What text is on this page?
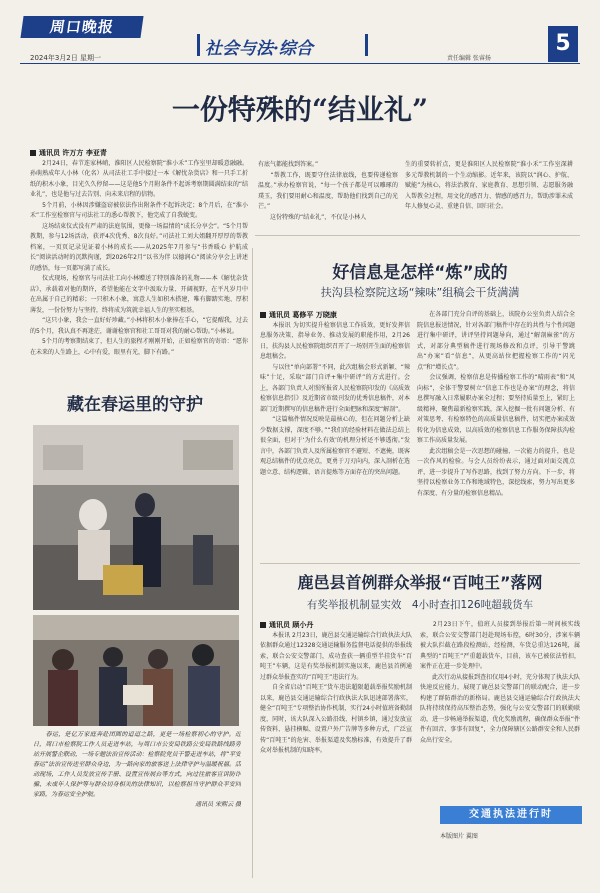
周口晚报
2024年3月2日 星期一	社会与法·综合	5
责任编辑 张睿扬
一份特殊的“结业礼”
通讯员 许万方 李亚青
　　2月24日，春节连家林峭，淮阳区人民检察院“淮小禾”工作室里却暖意融融。孙萌熟成年人小林（化名）从司法社工手中接过一本《解忧杂货店》和一只手工折纸的积木小象，目光久久停留——这是他5个月附条件不起诉考察期圆满结束的“结业礼”，也是他与过去告别、向未来启程的信物。
　　5个月前，小林因涉嫌盗窃被依法作出附条件不起诉决定；8个月后，在“淮小禾”工作室检察官与司法社工的悉心帮教下，他完成了自我蜕变。
　　这场结束仪式没有严肃的法庭氛围，更像一场温情的“成长分享会”。“5个月帮教期，参与12场活动，获评4次优秀、8次良好。”司法社工刘大姐翻开厚厚的帮教档案，一页页记录见证着小林的成长——从2025年7月参与“书香暖心 护航成长”阅读活动时的沉默拘谨，到2026年2月“以书为伴 以德润心”阅读分享会上讲述的感悟，每一页都写满了成长。
　　仪式现场，检察官与司法社工向小林赠送了特别准备的礼物——本《解忧杂货店》，承载着对他的期许，希望他能在文字中汲取力量、开阔视野，在平凡岁月中在出属于自己的精彩；一只积木小象，寓意人生如积木搭建，唯有脚踏实地、厚积薄发，一份份努力与坚持，终将成为筑就幸福人生的坚实根基。
　　“这只小象，我会一直好好珍藏。”小林将积木小象捧在手心，“它提醒我，过去的5个月，我认真不再迷茫，谢谢检察官和社工哥哥对我的耐心帮助。”小林说。
　　5个月的考察期结束了，但人生的旅程才刚刚开始，正如检察官的寄语：“愿你在未来的人生路上，心中有爱，眼里有光，脚下有路。”
有底气都能找到答案。”
　　“帮教工作，既要守住法律底线，也要传递检察温度。”承办检察官说，“每一个孩子都是可以雕琢的璞玉，我们要用耐心和温度，帮助他们找到自己的光芒。”
　　这份特殊的“结业礼”，不仅是小林人
生的重要转折点，更是淮阳区人民检察院“淮小禾”工作室深耕多元帮教机制的一个生动缩影。近年来，该院以“润心、护航、赋能”为核心，将法治教育、家庭教育、思想引领、志愿服务融入帮教全过程，用文化的感召力、情感的感召力，帮助涉罪未成年人修复心灵、重建自信、回归社会。
好信息是怎样“炼”成的
扶沟县检察院这场“辣味”组稿会干货满满
通讯员 葛修平 万晓康
　　本报讯 为切实提升检察信息工作质效，更好发挥信息服务决策、指导业务、推动发展的职能作用，2月26日，扶沟县人民检察院组织召开了一场别开生面的检察信息组稿会。
　　与以往“单向部署”不同，此次组稿会形式新颖、“辣味”十足，采取“部门自评+集中研评”的方式进行。会上，各部门负责人对照所报省人民检察院印发的《高质效检察信息指引》及近期省市级刊发的优秀信息稿件，对本部门近期撰写的信息稿件进行全面把脉和深度“解剖”。
　　“这篇稿件情况反映是最核心的，但在问题分析上缺少数据支撑，深度不够。”“我们的经验材料在做法总结上很全面，但对于‘为什么有效’的机理分析还不够透彻。”发言中，各部门负责人及所属检察官不避短、不遮掩，既客观总结稿件的优点亮点，更勇于刀刃向内，深入剖析在选题立意、结构逻辑、语言提炼等方面存在的突出问题。
　　在各部门充分自评的基础上，该院办公室负责人结合全院信息报送情况，针对各部门稿件中存在的共性与个性问题进行集中研评，讲评坚持问题导向，通过“解剖麻雀”的方式，对部分典型稿件进行现场修改和点评，引导干警跳出“办案”看“信息”，从更高站位把握检察工作的“闪光点”和“增长点”。
　　会议强调，检察信息是传播检察工作的“晴雨表”和“风向标”，全体干警要树立“信息工作也是办案”的理念，将信息撰写融入日常履职办案全过程；要坚持质量至上，紧盯上级精神，聚焦最新检察实践，深入挖掘一批有问题分析、有对策思考、有检察特色的高质量信息稿件，切实把办案成效转化为信息成效，以高质效的检察信息工作服务保障扶沟检察工作高质量发展。
　　此次组稿会是一次思想的碰撞、一次能力的提升，也是一次作风的检验。与会人员纷纷表示，通过面对面交流点评，进一步提升了写作思路，找到了努力方向。下一步，将坚持以检察业务工作和地域特色，深挖线索，努力写出更多有深度、有分量的检察信息精品。
藏在春运里的守护
　　春运，是亿万家庭奔赴团圆的迢迢之路，更是一场检察初心的守护。近日，周口市检察院工作人员走进车站，与周口市公安局铁路公安局铁路线路旁站开展警企联动，一场专题法治宣传活动：检察院党员干警走进车站，将“平安春运”法治宣传送至群众身边，为一路向家的旅客送上法律守护与温暖祝福。活动现场，工作人员发放宣传手册、设置宣传展台等方式，向过往旅客宣讲防诈骗、未成年人保护等与群众切身相关的法律知识，以检察担当守护群众平安回家路，为春运安全护航。
通讯员 宋熙云 摄
鹿邑县首例群众举报“百吨王”落网
有奖举报机制显实效　4小时查扣126吨超载货车
通讯员 顾小丹
　　本报讯 2月23日，鹿邑县交通运输综合行政执法大队依据群众通过12328交通运输服务监督电话提供的举报线索，联合公安交警部门，成功查获一辆重型半挂货车“百吨王”车辆，这是有奖举报机制实施以来，鹿邑县首例通过群众举报查实的“百吨王”违法行为。
　　自全省启动“百吨王”货车违法超限超载举报奖励机制以来，鹿邑县交通运输综合行政执法大队迅速部署落实，健全“百吨王”专项整治协作机制，实行24小时值班备勤制度，同时，该大队深入公路沿线、村镇乡镇，通过发放宣传资料、悬挂横幅、设置户外广告牌等多种方式，广泛宣传“百吨王”的危害、举报渠道及奖励标准，有效提升了群众对举报机制的知晓率。
　　2月23日下午，值班人员接到举报后第一时间核实线索，联合公安交警部门赶赴现场布控，6时30分，涉案车辆被大队拦截在路段检测站，经检测，车货总重达126吨，属典型的“百吨王”严重超载货车，目前，该车已被依法暂扣，案件正在进一步处理中。
　　此次行动从接报到查扣仅用4小时，充分体现了执法大队快速反应能力，展现了鹿邑县交警部门的联动配合，进一步构建了群防群治的新格局。鹿邑县交通运输综合行政执法大队将持续保持高压整治态势，强化与公安交警部门的联勤联动，进一步畅通举报渠道，优化奖励流程，确保群众举报“件件有回音、事事有回复”，全力保障辖区公路群安全和人民群众出行安全。
交通执法进行时
本版图片 翼图
